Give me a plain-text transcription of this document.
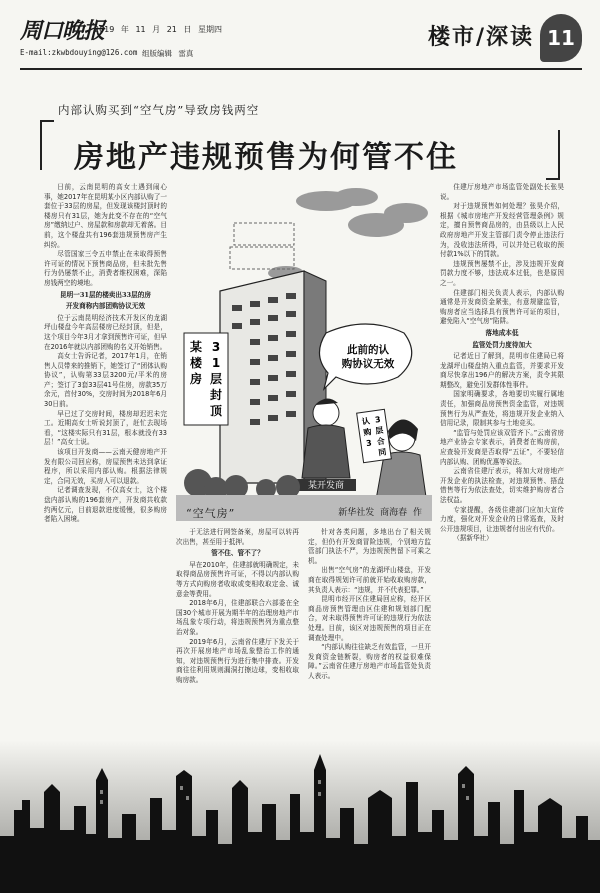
周口晚报
2019 年 11 月 21 日 星期四
E-mail:zkwbdouying@126.com 组版编辑 雷真
楼市/深读 11
内部认购买到“空气房”导致房钱两空
房地产违规预售为何管不住

日前，云南昆明的高女士遇到闹心事，她2017年在昆明某小区内部认购了一套位于33层的房屋，但发现该楼封顶时的楼房只有31层，她为此变不存在的“空气房”缴纳过户、房屋款和房款却无着落。目前，这个楼盘共有196套违规预售房产生纠纷。

尽管国家三令五申禁止在未取得预售许可证的情况下预售商品房，但未批先售行为仍屡禁不止，消费者维权困难，深陷房钱两空的境地。

昆明一31层的楼卖出33层的房

开发商称内部团购协议无效

位于云南昆明经济技术开发区的龙湖坪山楼盘今年高层楼房已经封顶，但是，这个项目今年3月才拿到预售许可证，但早在2016年就以内部团购的名义开始销售。

高女士告诉记者，2017年1月，在销售人员带来的推销下，她签订了“团体认购协议”，认购第33层3200元/平米的房产；签订了3套33层41号住房，房款35万余元，首付30%，交房时间为2018年6月30日前。

早已过了交房时间，楼房却迟迟未完工。近期高女士听说封顶了，赶忙去现场看，“这楼实际只有31层，根本就没有33层！”高女士说。

该项目开发商——云南天健房地产开发有限公司回应称，房屋预售未达到拿证程序，所以采用内部认购。根据法律规定，合同无效，买房人可以退款。

记者调查发现，不仅高女士，这个楼盘内部认购的196套房产，开发商共收款约两亿元，目前退款进度缓慢，很多购房者陷入困境。

于无法进行网签备案，房屋可以转再次出售，甚至用于抵押。

管不住、管不了？

早在2010年，住建部就明确规定，未取得商品房预售许可证，不得以内部认购等方式向购房者收取或变相收取定金、诚意金等费用。

2018年6月，住建部联合六部委在全国30个城市开展为期半年的治理房地产市场乱象专项行动，将违规预售列为重点整治对象。

2019年6月，云南省住建厅下发关于再次开展房地产市场乱象整治工作的通知，对违规预售行为进行集中排查。开发商往往利用规则漏洞打擦边球，变相收取购房款。

针对各类问题，多地出台了相关规定，但仍有开发商冒险违规，个别地方监管部门执法不严，为违规预售留下可乘之机。

出售“空气房”的龙湖坪山楼盘，开发商在取得规划许可前就开始收取购房款，其负责人表示：“违规，并不代表犯罪。”

昆明市经开区住建局回应称，经开区商品房预售管理由区住建和规划部门配合，对未取得预售许可证的违规行为依法处理。目前，该区对违规预售的项目正在调查处理中。

“内部认购往往缺乏有效监管，一旦开发商资金链断裂，购房者的权益很难保障。”云南省住建厅房地产市场监管处负责人表示。

住建厅房地产市场监管处副处长张昊说。

对于违规预售如何处理？张昊介绍，根据《城市房地产开发经营管理条例》规定，擅自预售商品房的，由县级以上人民政府房地产开发主管部门责令停止违法行为，没收违法所得，可以并处已收取的预付款1%以下的罚款。

违规预售屡禁不止，涉及违规开发商罚款力度不够，违法成本过低，也是原因之一。

住建部门相关负责人表示，内部认购通常是开发商资金紧张，有意规避监管，购房者应当选择具有预售许可证的项目，避免陷入“空气房”陷阱。

落地成本低

监管处罚力度待加大

记者近日了解到，昆明市住建局已将龙湖坪山楼盘纳入重点监管，并要求开发商尽快拿出196户的解决方案，责令其限期整改，避免引发群体性事件。

国家明确要求，各地要切实履行属地责任，加强商品房预售资金监管，对违规预售行为从严查处，将违规开发企业纳入信用记录，限制其参与土地竞买。

“监管与处罚应该双管齐下。”云南省房地产业协会专家表示，消费者在购房前，应查验开发商是否取得“五证”，不要轻信内部认购、团购优惠等说法。

云南省住建厅表示，将加大对房地产开发企业的执法检查，对违规预售、捂盘惜售等行为依法查处，切实维护购房者合法权益。

专家提醒，各级住建部门应加大宣传力度，强化对开发企业的日常巡查，及时公开违规项目，让违规者付出应有代价。

（据新华社）

某
楼
房
3
1
层
封
顶
此前的认
购协议无效
某开发商
认
购
3
3
层
合
同
“空气房”	新华社发 商海春 作
